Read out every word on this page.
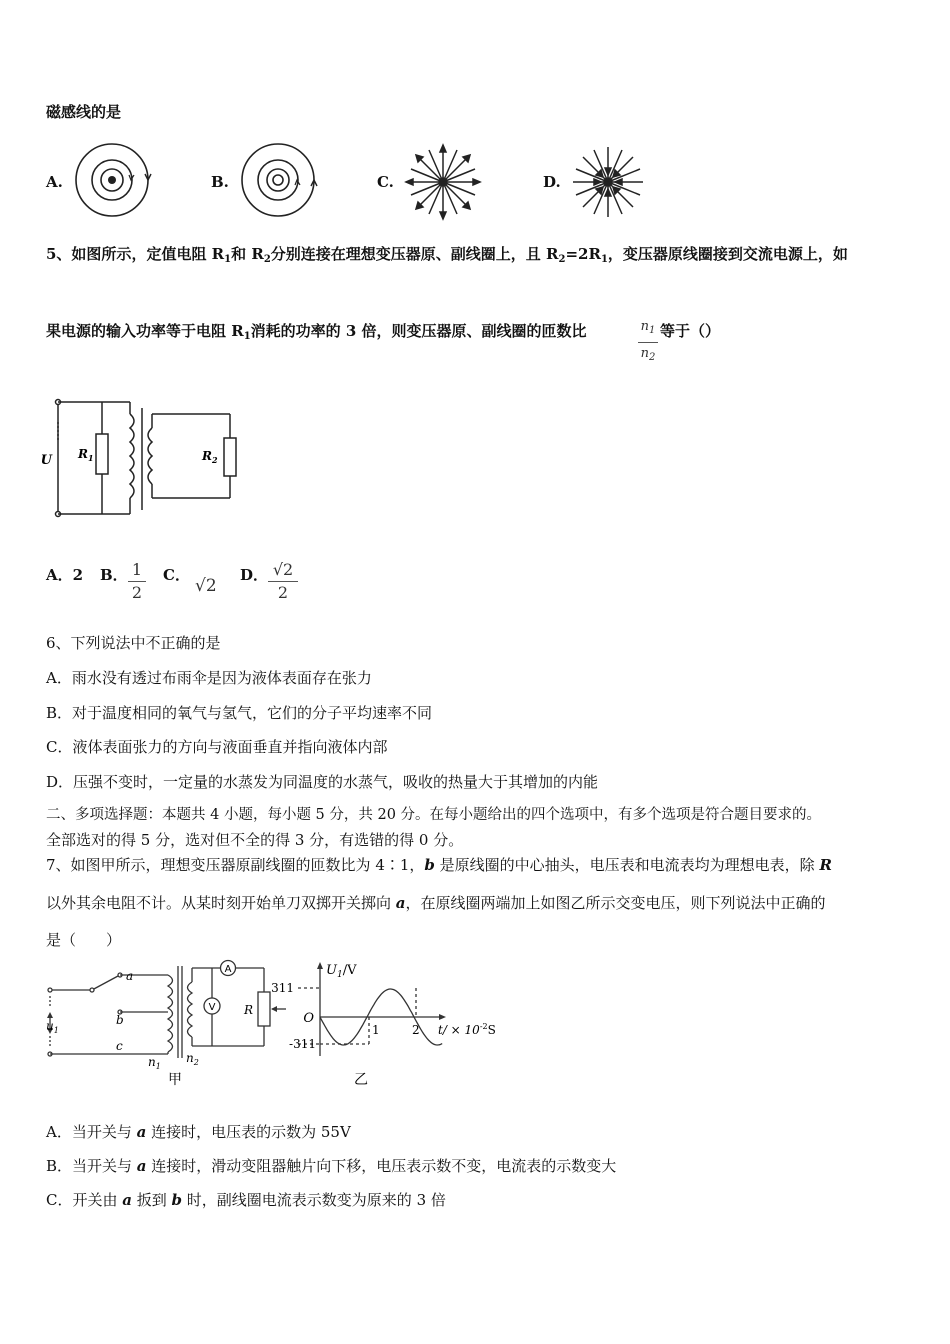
磁感线的是
A.	B.	C.	D.
5、如图所示，定值电阻 $R_1$和 $R_2$分别连接在理想变压器原、副线圈上，且 $R_2=2R_1$，变压器原线圈接到交流电源上，如
果电源的输入功率等于电阻 $R_1$消耗的功率的 3 倍，则变压器原、副线圈的匝数比	$n_1$
$n_2$
等于（）
U $R_1$	$R_2$
A．2 B． 1
2
C．
√2
D． √2
2
6、下列说法中不正确的是
A．雨水没有透过布雨伞是因为液体表面存在张力
B．对于温度相同的氧气与氢气，它们的分子平均速率不同
C．液体表面张力的方向与液面垂直并指向液体内部
D．压强不变时，一定量的水蒸发为同温度的水蒸气，吸收的热量大于其增加的内能
二、多项选择题：本题共 4 小题，每小题 5 分，共 20 分。在每小题给出的四个选项中，有多个选项是符合题目要求的。
全部选对的得 5 分，选对但不全的得 3 分，有选错的得 0 分。
7、如图甲所示，理想变压器原副线圈的匝数比为 4∶1，b 是原线圈的中心抽头，电压表和电流表均为理想电表，除 R
以外其余电阻不计。从某时刻开始单刀双掷开关掷向 a，在原线圈两端加上如图乙所示交变电压，则下列说法中正确的
是（　　）
A
V
a
b
c
$u_1$
$n_1$
$n_2$
R
甲
$U_1/V$
311
-311
O
1	2 $t/ \times 10^{-2}S$
乙
A．当开关与 a 连接时，电压表的示数为 55V
B．当开关与 a 连接时，滑动变阻器触片向下移，电压表示数不变，电流表的示数变大
C．开关由 a 扳到 b 时，副线圈电流表示数变为原来的 3 倍
